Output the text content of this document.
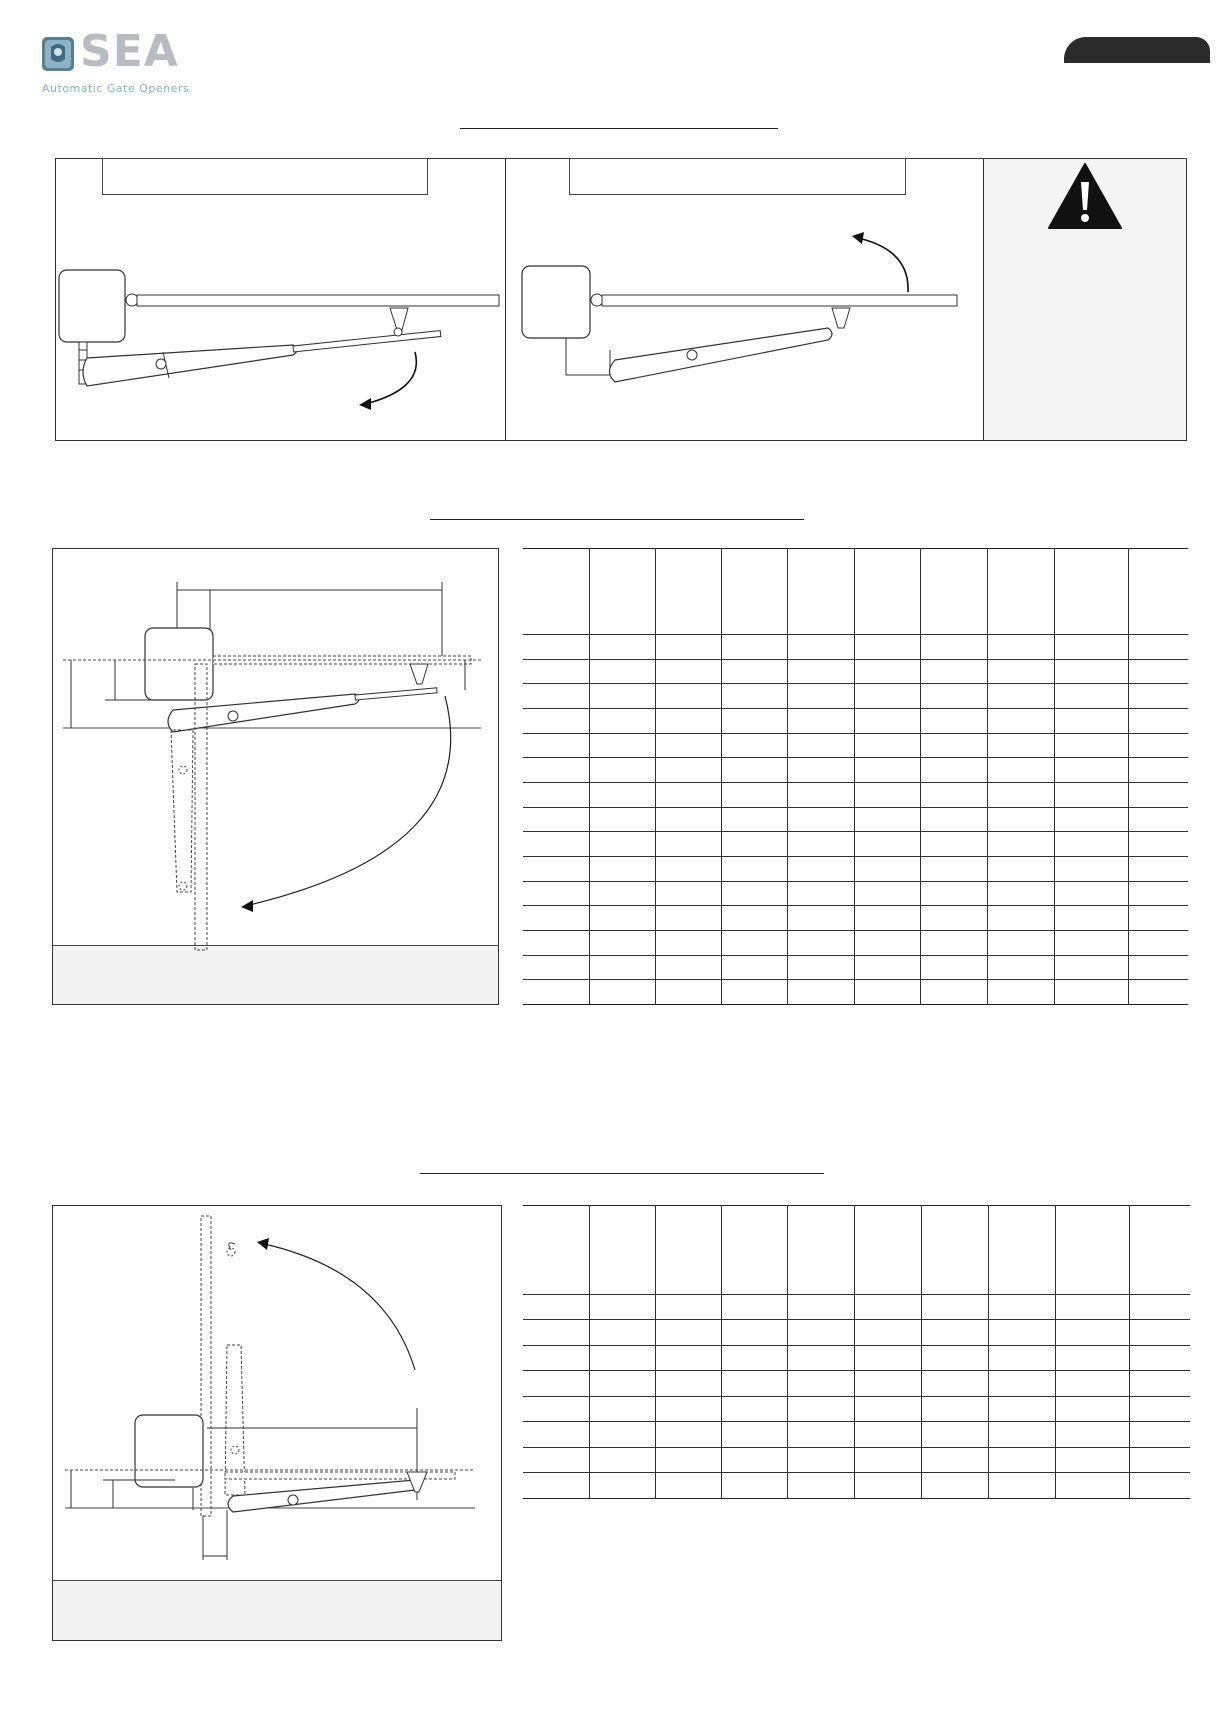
SEA
Automatic Gate Openers
